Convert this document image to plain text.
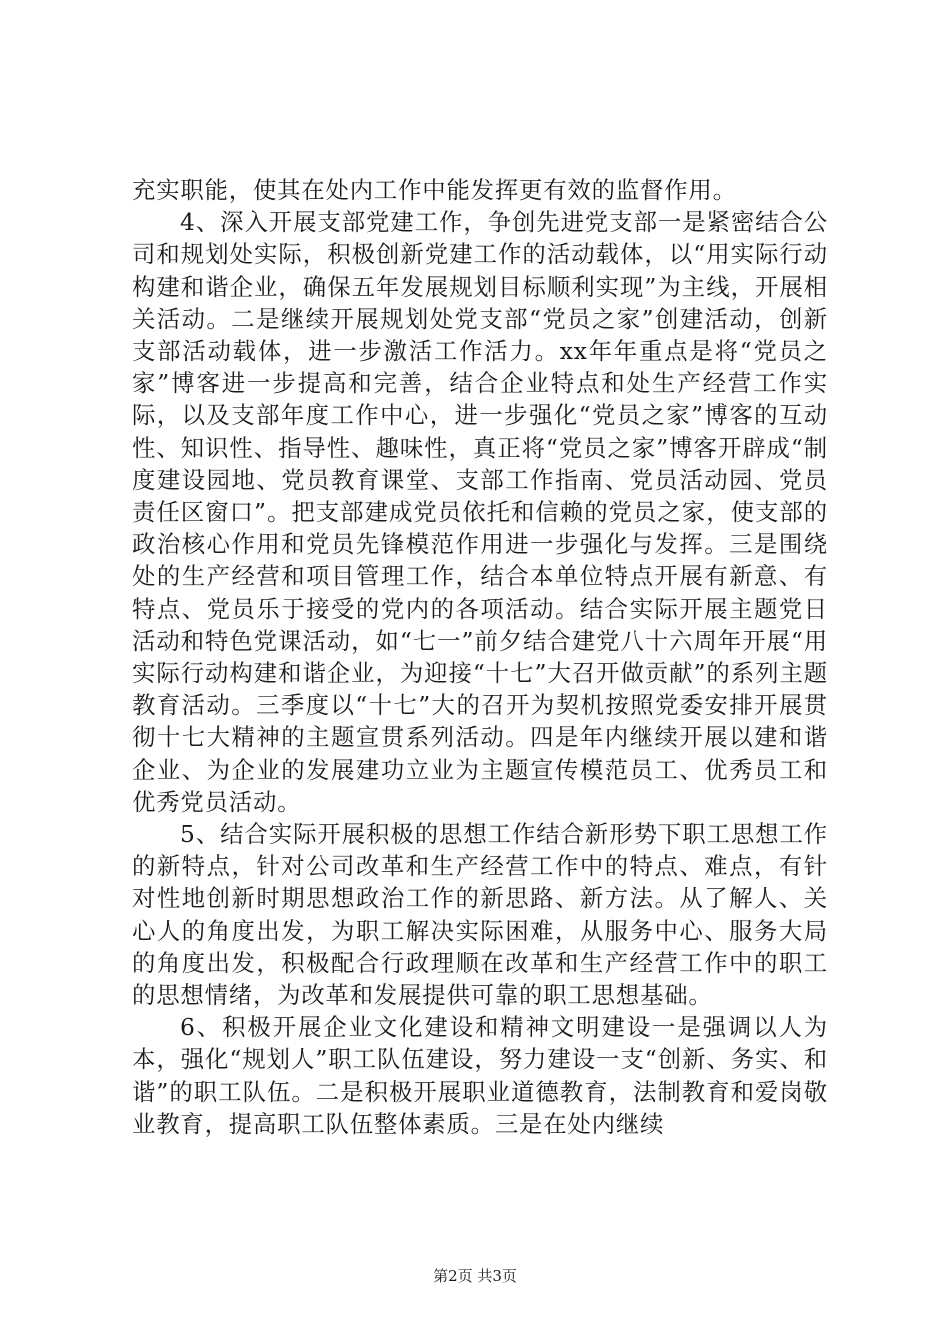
充实职能，使其在处内工作中能发挥更有效的监督作用。

4、深入开展支部党建工作，争创先进党支部一是紧密结合公司和规划处实际，积极创新党建工作的活动载体，以“用实际行动构建和谐企业，确保五年发展规划目标顺利实现”为主线，开展相关活动。二是继续开展规划处党支部“党员之家”创建活动，创新支部活动载体，进一步激活工作活力。xx年年重点是将“党员之家”博客进一步提高和完善，结合企业特点和处生产经营工作实际，以及支部年度工作中心，进一步强化“党员之家”博客的互动性、知识性、指导性、趣味性，真正将“党员之家”博客开辟成“制度建设园地、党员教育课堂、支部工作指南、党员活动园、党员责任区窗口”。把支部建成党员依托和信赖的党员之家，使支部的政治核心作用和党员先锋模范作用进一步强化与发挥。三是围绕处的生产经营和项目管理工作，结合本单位特点开展有新意、有特点、党员乐于接受的党内的各项活动。结合实际开展主题党日活动和特色党课活动，如“七一”前夕结合建党八十六周年开展“用实际行动构建和谐企业，为迎接“十七”大召开做贡献”的系列主题教育活动。三季度以“十七”大的召开为契机按照党委安排开展贯彻十七大精神的主题宣贯系列活动。四是年内继续开展以建和谐企业、为企业的发展建功立业为主题宣传模范员工、优秀员工和优秀党员活动。

5、结合实际开展积极的思想工作结合新形势下职工思想工作的新特点，针对公司改革和生产经营工作中的特点、难点，有针对性地创新时期思想政治工作的新思路、新方法。从了解人、关心人的角度出发，为职工解决实际困难，从服务中心、服务大局的角度出发，积极配合行政理顺在改革和生产经营工作中的职工的思想情绪，为改革和发展提供可靠的职工思想基础。

6、积极开展企业文化建设和精神文明建设一是强调以人为本，强化“规划人”职工队伍建设，努力建设一支“创新、务实、和谐”的职工队伍。二是积极开展职业道德教育，法制教育和爱岗敬业教育，提高职工队伍整体素质。三是在处内继续

第2页 共3页
